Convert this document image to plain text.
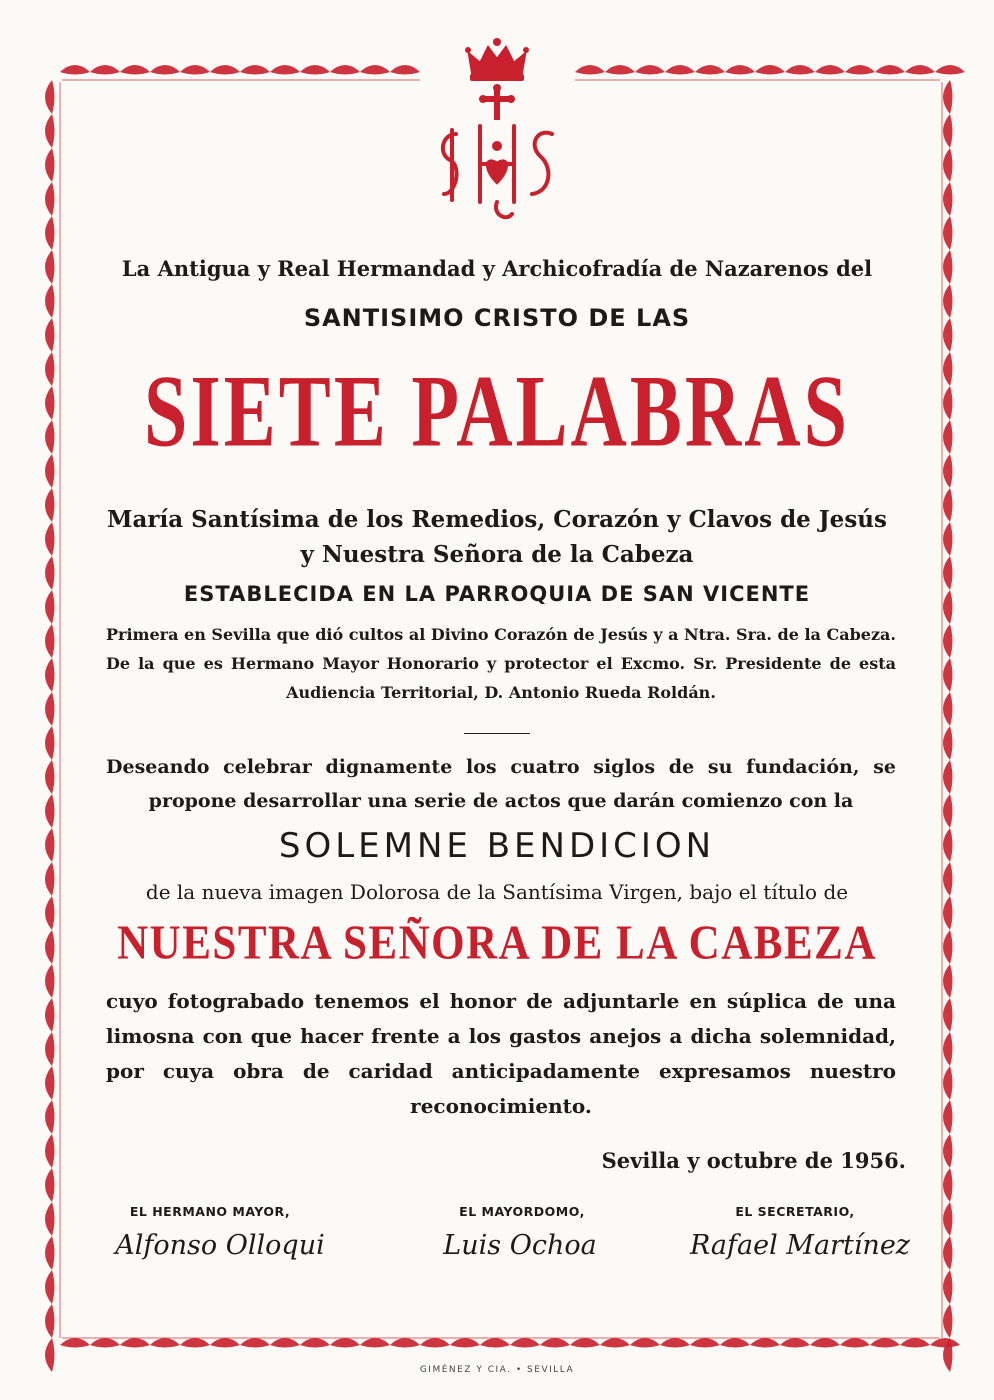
La Antigua y Real Hermandad y Archicofradía de Nazarenos del

SANTISIMO CRISTO DE LAS

SIETE PALABRAS

María Santísima de los Remedios, Corazón y Clavos de Jesús

y Nuestra Señora de la Cabeza

ESTABLECIDA EN LA PARROQUIA DE SAN VICENTE

Primera en Sevilla que dió cultos al Divino Corazón de Jesús y a Ntra. Sra. de la Cabeza. De la que es Hermano Mayor Honorario y protector el Excmo. Sr. Presidente de esta Audiencia Territorial, D. Antonio Rueda Roldán.

Deseando celebrar dignamente los cuatro siglos de su fundación, se propone desarrollar una serie de actos que darán comienzo con la

SOLEMNE BENDICION

de la nueva imagen Dolorosa de la Santísima Virgen, bajo el título de

NUESTRA SEÑORA DE LA CABEZA

cuyo fotograbado tenemos el honor de adjuntarle en súplica de una limosna con que hacer frente a los gastos anejos a dicha solemnidad, por cuya obra de caridad anticipadamente expresamos nuestro reconocimiento.

Sevilla y octubre de 1956.

EL HERMANO MAYOR,	EL MAYORDOMO,	EL SECRETARIO,

Alfonso Olloqui	Luis Ochoa	Rafael Martínez

GIMÉNEZ Y CIA. • SEVILLA
